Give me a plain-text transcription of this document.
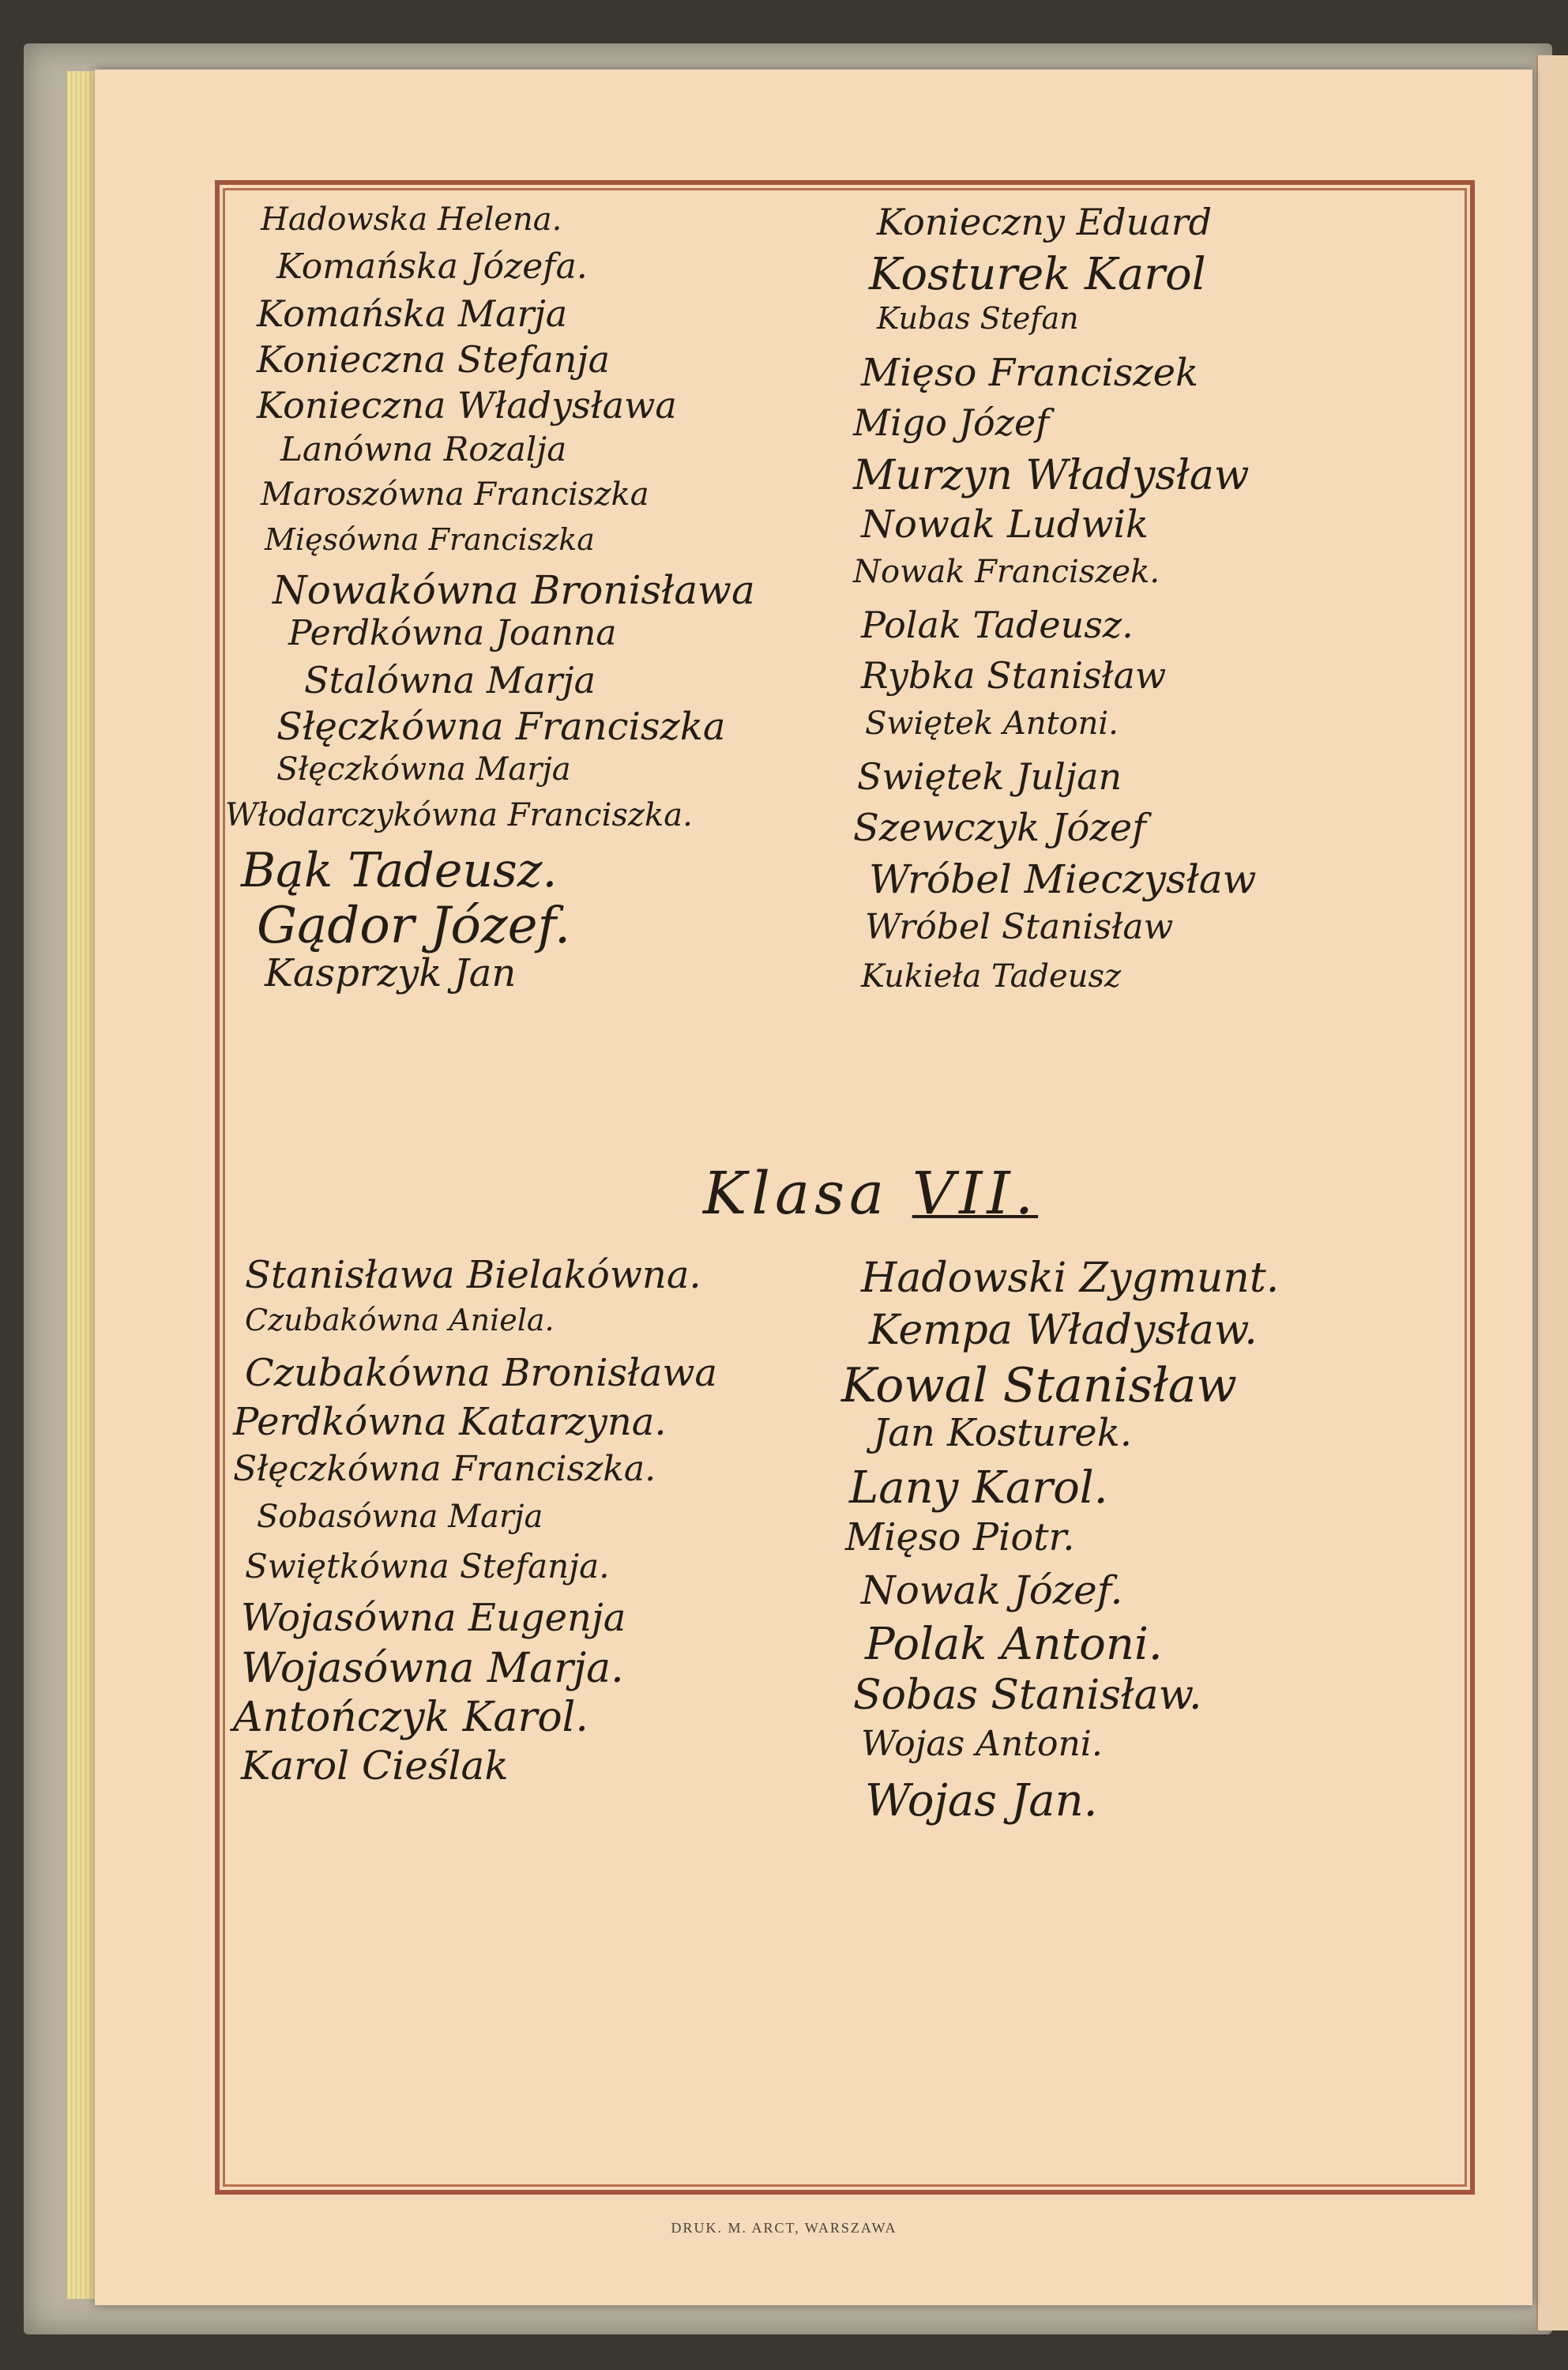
Hadowska Helena.
Komańska Józefa.
Komańska Marja
Konieczna Stefanja
Konieczna Władysława
Lanówna Rozalja
Maroszówna Franciszka
Mięsówna Franciszka
Nowakówna Bronisława
Perdkówna Joanna
Stalówna Marja
Słęczkówna Franciszka
Słęczkówna Marja
Włodarczykówna Franciszka.
Bąk Tadeusz.
Gądor Józef.
Kasprzyk Jan
Konieczny Eduard
Kosturek Karol
Kubas Stefan
Mięso Franciszek
Migo Józef
Murzyn Władysław
Nowak Ludwik
Nowak Franciszek.
Polak Tadeusz.
Rybka Stanisław
Swiętek Antoni.
Swiętek Juljan
Szewczyk Józef
Wróbel Mieczysław
Wróbel Stanisław
Kukieła Tadeusz
Stanisława Bielakówna.
Czubakówna Aniela.
Czubakówna Bronisława
Perdkówna Katarzyna.
Słęczkówna Franciszka.
Sobasówna Marja
Swiętkówna Stefanja.
Wojasówna Eugenja
Wojasówna Marja.
Antończyk Karol.
Karol Cieślak
Hadowski Zygmunt.
Kempa Władysław.
Kowal Stanisław
Jan Kosturek.
Lany Karol.
Mięso Piotr.
Nowak Józef.
Polak Antoni.
Sobas Stanisław.
Wojas Antoni.
Wojas Jan.
Klasa VII.
DRUK. M. ARCT, WARSZAWA
